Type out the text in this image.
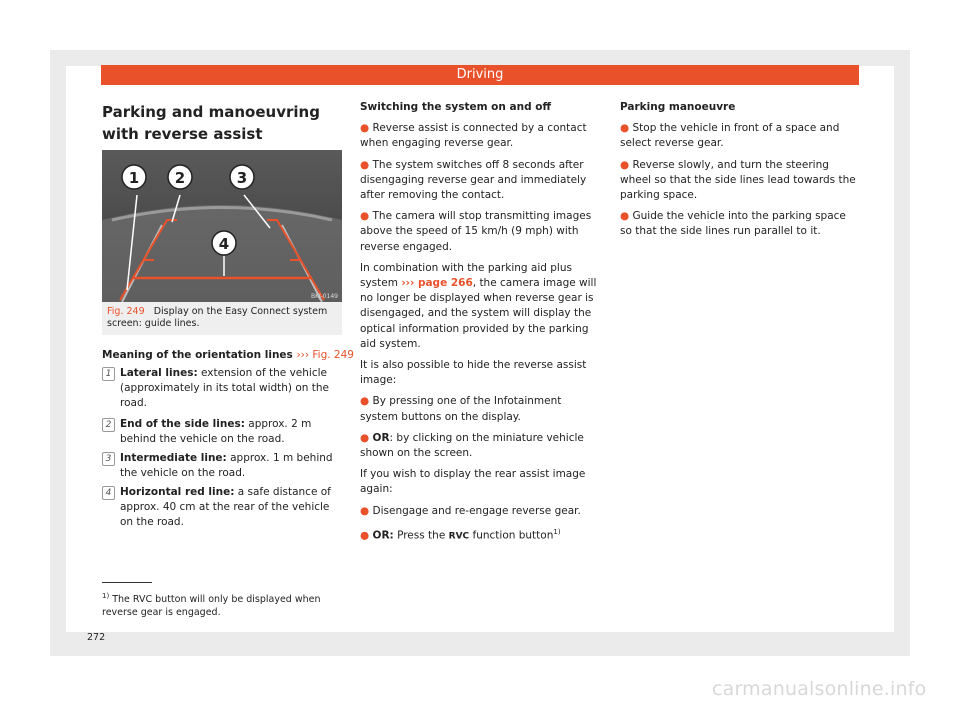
Driving
Parking and manoeuvring with reverse assist
1 2	3
4
BKJ-0149
Fig. 249 Display on the Easy Connect system screen: guide lines.
Meaning of the orientation lines ››› Fig. 249
1 Lateral lines: extension of the vehicle (approximately in its total width) on the road.
2 End of the side lines: approx. 2 m behind the vehicle on the road.
3 Intermediate line: approx. 1 m behind the vehicle on the road.
4 Horizontal red line: a safe distance of approx. 40 cm at the rear of the vehicle on the road.

Switching the system on and off

● Reverse assist is connected by a contact when engaging reverse gear.

● The system switches off 8 seconds after disengaging reverse gear and immediately after removing the contact.

● The camera will stop transmitting images above the speed of 15 km/h (9 mph) with reverse engaged.

In combination with the parking aid plus system ››› page 266, the camera image will no longer be displayed when reverse gear is disengaged, and the system will display the optical information provided by the parking aid system.

It is also possible to hide the reverse assist image:

● By pressing one of the Infotainment system buttons on the display.

● OR: by clicking on the miniature vehicle shown on the screen.

If you wish to display the rear assist image again:

● Disengage and re-engage reverse gear.

● OR: Press the RVC function button$^{1)}$

Parking manoeuvre

● Stop the vehicle in front of a space and select reverse gear.

● Reverse slowly, and turn the steering wheel so that the side lines lead towards the parking space.

● Guide the vehicle into the parking space so that the side lines run parallel to it.

$^{1)}$ The RVC button will only be displayed when reverse gear is engaged.
272
carmanualsonline.info
